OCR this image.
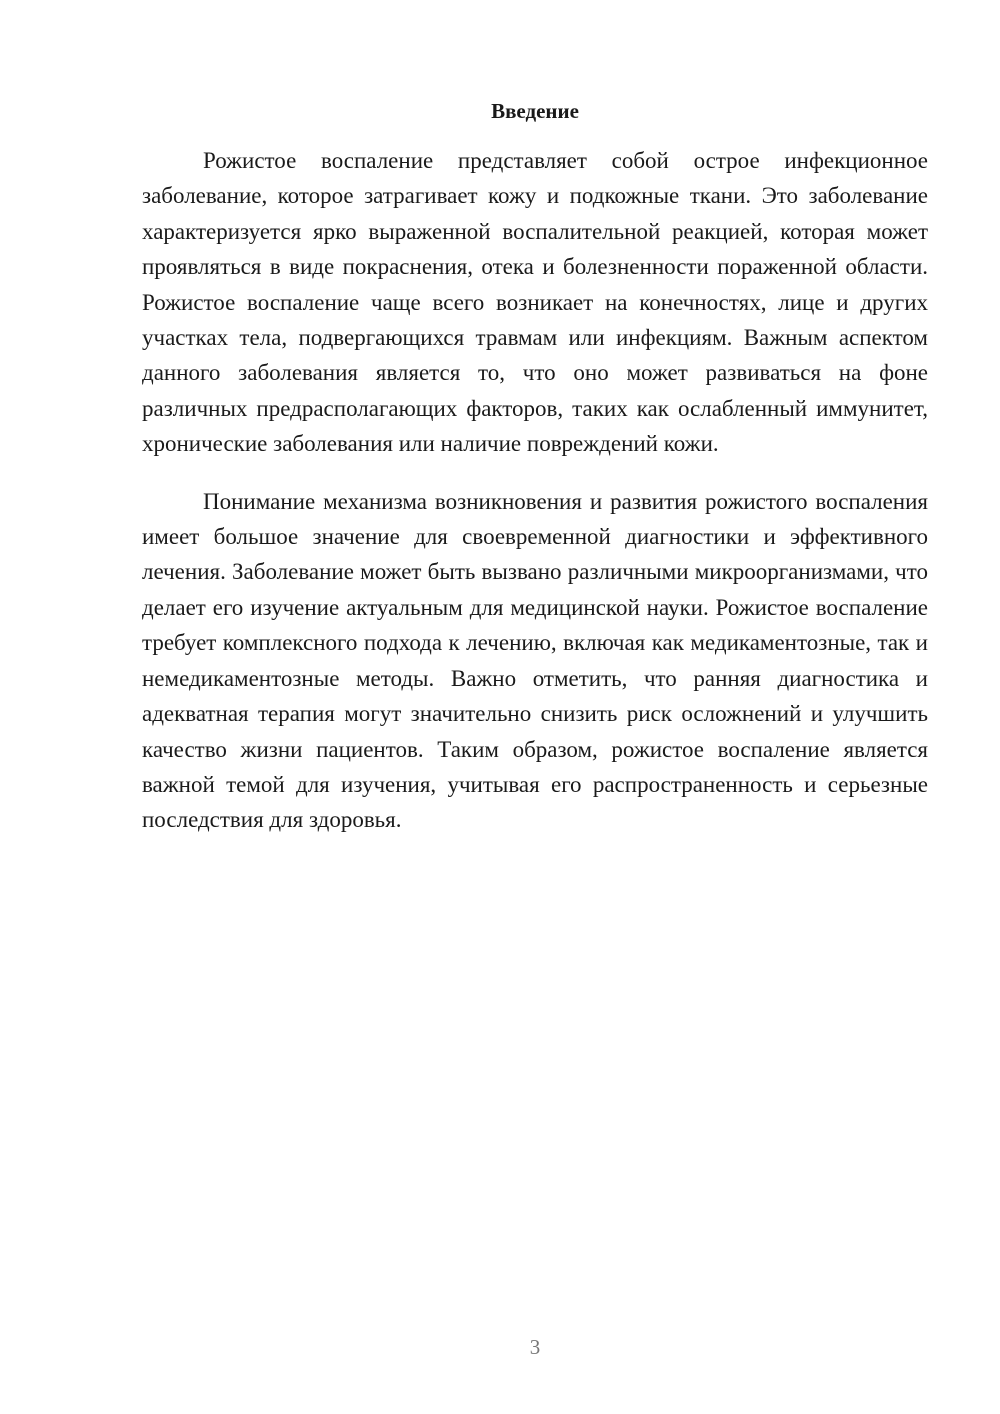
Введение

Рожистое воспаление представляет собой острое инфекционное заболевание, которое затрагивает кожу и подкожные ткани. Это заболевание характеризуется ярко выраженной воспалительной реакцией, которая может проявляться в виде покраснения, отека и болезненности пораженной области. Рожистое воспаление чаще всего возникает на конечностях, лице и других участках тела, подвергающихся травмам или инфекциям. Важным аспектом данного заболевания является то, что оно может развиваться на фоне различных предрасполагающих факторов, таких как ослабленный иммунитет, хронические заболевания или наличие повреждений кожи.

Понимание механизма возникновения и развития рожистого воспаления имеет большое значение для своевременной диагностики и эффективного лечения. Заболевание может быть вызвано различными микроорганизмами, что делает его изучение актуальным для медицинской науки. Рожистое воспаление требует комплексного подхода к лечению, включая как медикаментозные, так и немедикаментозные методы. Важно отметить, что ранняя диагностика и адекватная терапия могут значительно снизить риск осложнений и улучшить качество жизни пациентов. Таким образом, рожистое воспаление является важной темой для изучения, учитывая его распространенность и серьезные последствия для здоровья.

3
